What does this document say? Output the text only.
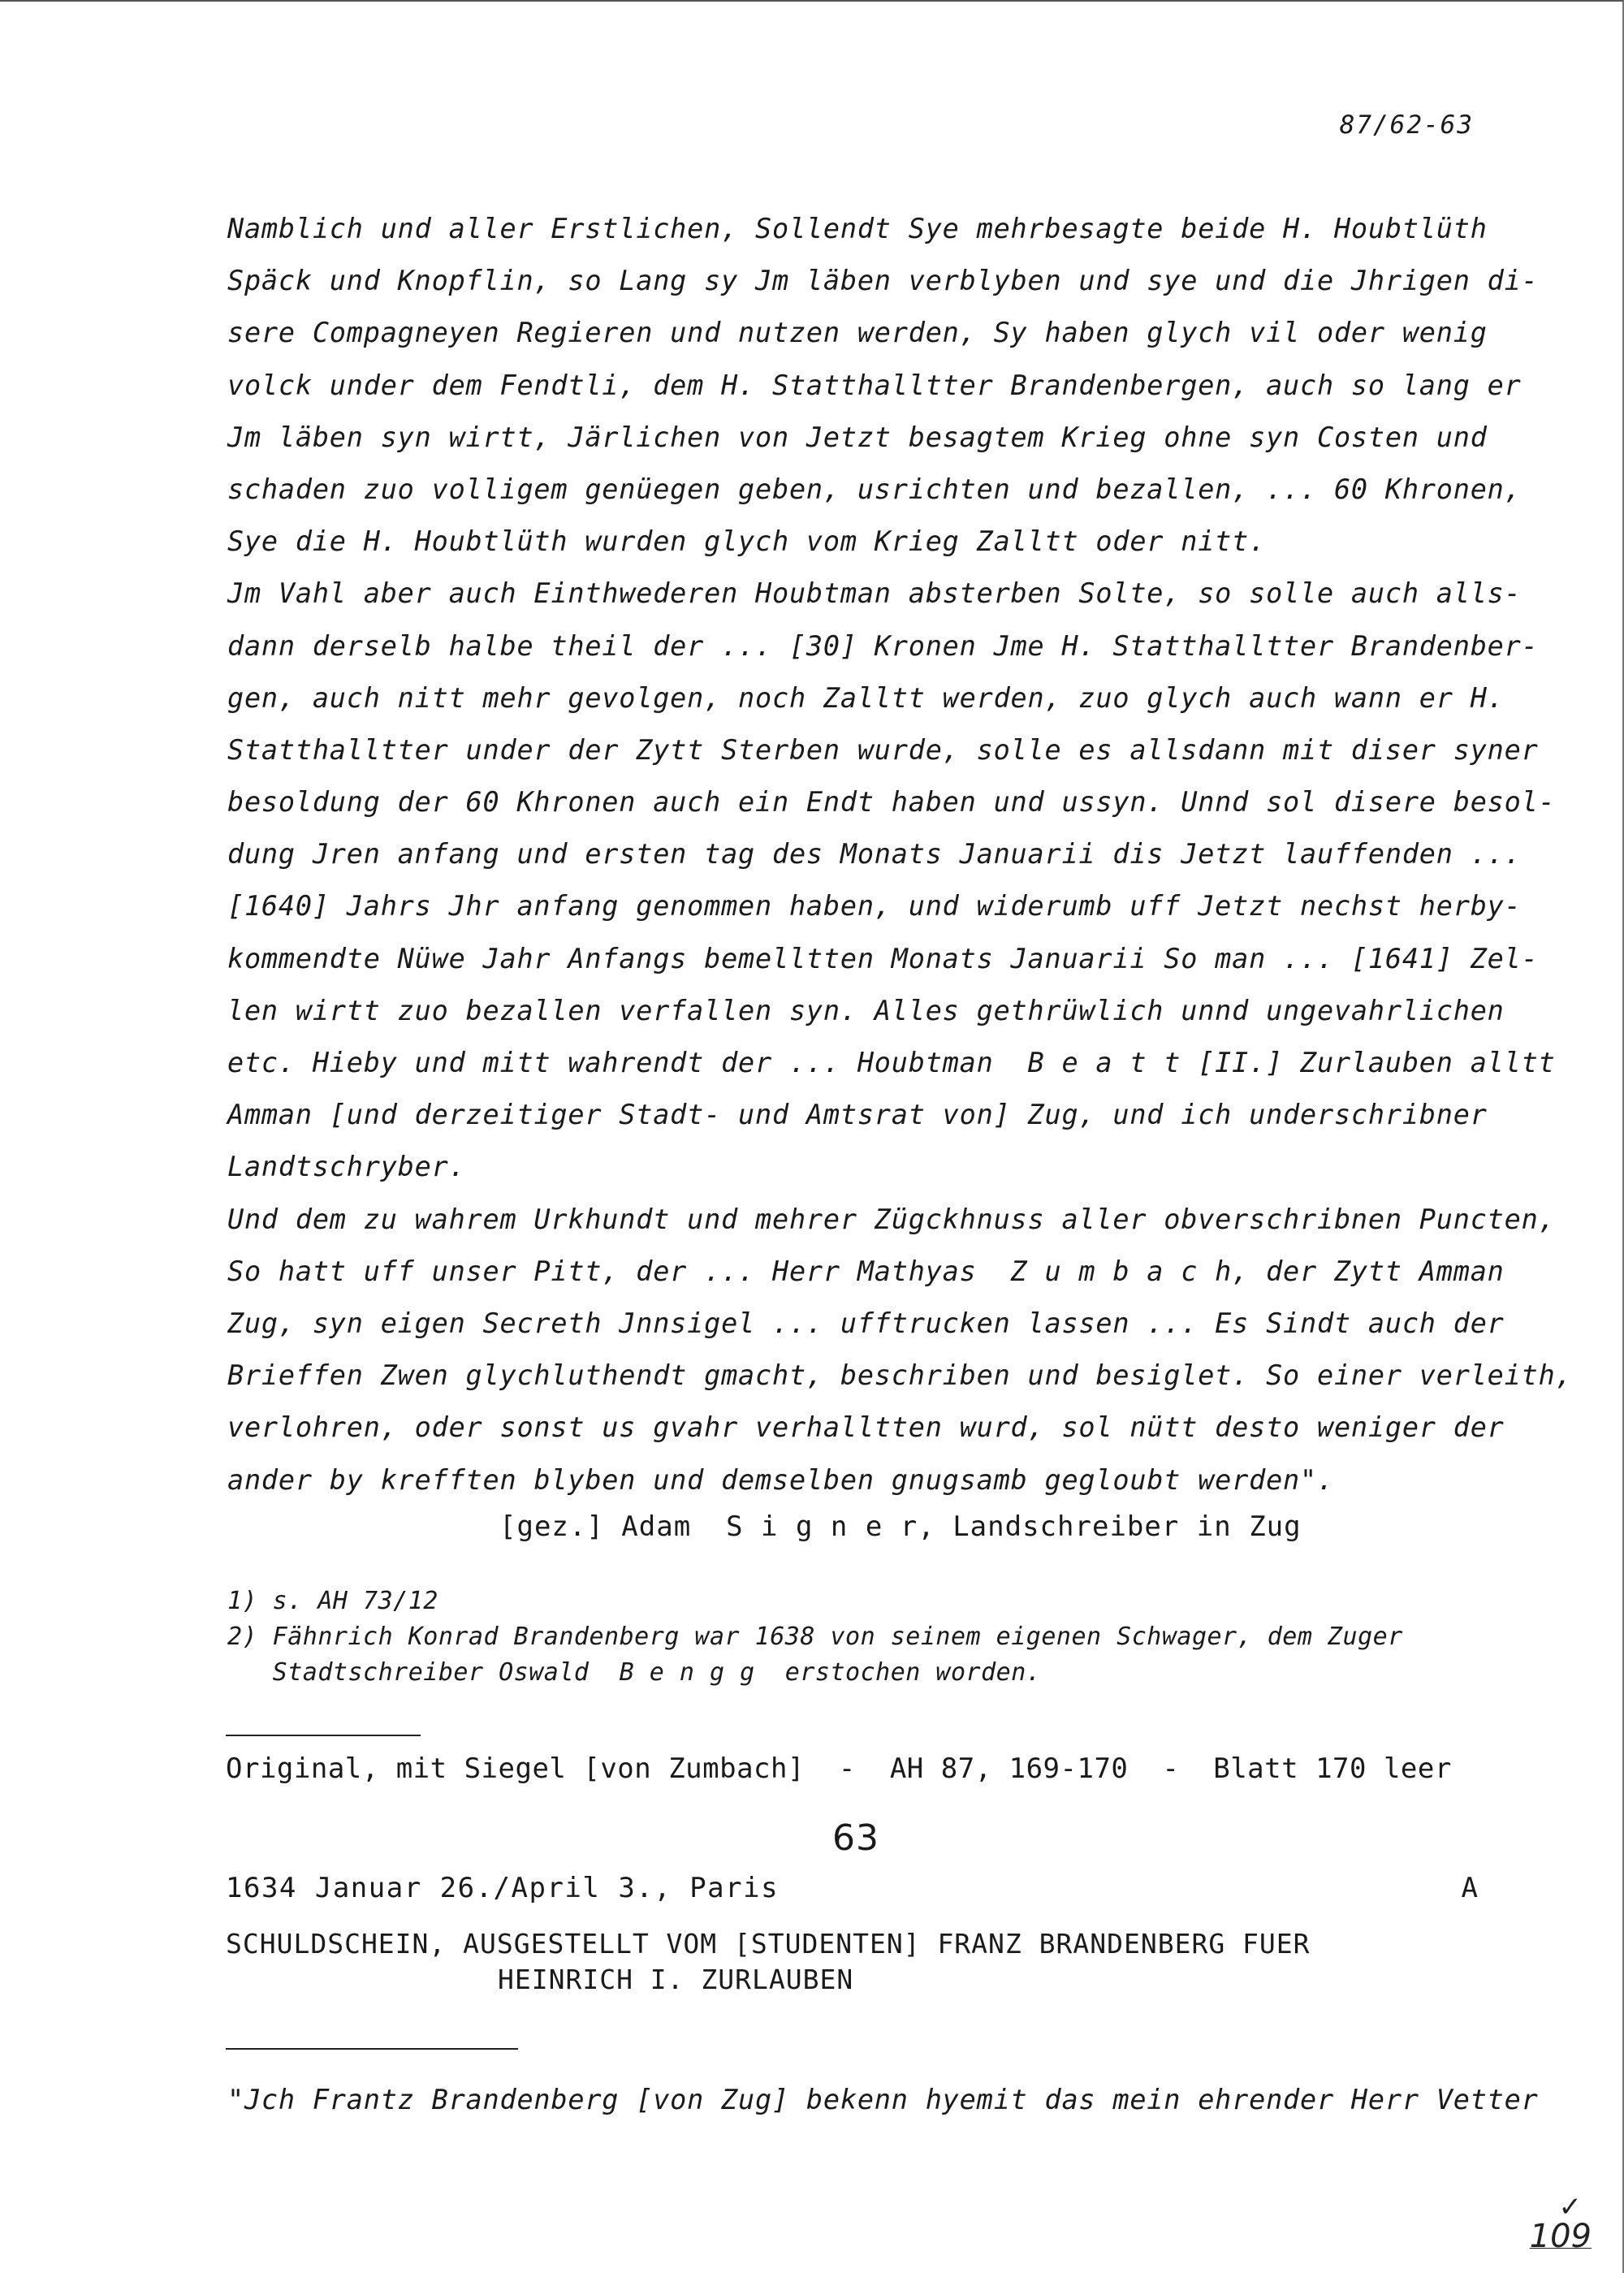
87/62-63
Namblich und aller Erstlichen, Sollendt Sye mehrbesagte beide H. Houbtlüth
Späck und Knopflin, so Lang sy Jm läben verblyben und sye und die Jhrigen di-
sere Compagneyen Regieren und nutzen werden, Sy haben glych vil oder wenig
volck under dem Fendtli, dem H. Statthalltter Brandenbergen, auch so lang er
Jm läben syn wirtt, Järlichen von Jetzt besagtem Krieg ohne syn Costen und
schaden zuo volligem genüegen geben, usrichten und bezallen, ... 60 Khronen,
Sye die H. Houbtlüth wurden glych vom Krieg Zalltt oder nitt.
Jm Vahl aber auch Einthwederen Houbtman absterben Solte, so solle auch alls-
dann derselb halbe theil der ... [30] Kronen Jme H. Statthalltter Brandenber-
gen, auch nitt mehr gevolgen, noch Zalltt werden, zuo glych auch wann er H.
Statthalltter under der Zytt Sterben wurde, solle es allsdann mit diser syner
besoldung der 60 Khronen auch ein Endt haben und ussyn. Unnd sol disere besol-
dung Jren anfang und ersten tag des Monats Januarii dis Jetzt lauffenden ...
[1640] Jahrs Jhr anfang genommen haben, und widerumb uff Jetzt nechst herby-
kommendte Nüwe Jahr Anfangs bemelltten Monats Januarii So man ... [1641] Zel-
len wirtt zuo bezallen verfallen syn. Alles gethrüwlich unnd ungevahrlichen
etc. Hieby und mitt wahrendt der ... Houbtman  B e a t t [II.] Zurlauben alltt
Amman [und derzeitiger Stadt- und Amtsrat von] Zug, und ich underschribner
Landtschryber.
Und dem zu wahrem Urkhundt und mehrer Zügckhnuss aller obverschribnen Puncten,
So hatt uff unser Pitt, der ... Herr Mathyas  Z u m b a c h, der Zytt Amman
Zug, syn eigen Secreth Jnnsigel ... ufftrucken lassen ... Es Sindt auch der
Brieffen Zwen glychluthendt gmacht, beschriben und besiglet. So einer verleith,
verlohren, oder sonst us gvahr verhalltten wurd, sol nütt desto weniger der
ander by krefften blyben und demselben gnugsamb gegloubt werden".
[gez.] Adam  S i g n e r, Landschreiber in Zug
1) s. AH 73/12
2) Fähnrich Konrad Brandenberg war 1638 von seinem eigenen Schwager, dem Zuger
Stadtschreiber Oswald  B e n g g  erstochen worden.
Original, mit Siegel [von Zumbach]  -  AH 87, 169-170  -  Blatt 170 leer
63
1634 Januar 26./April 3., Paris	A
SCHULDSCHEIN, AUSGESTELLT VOM [STUDENTEN] FRANZ BRANDENBERG FUER
HEINRICH I. ZURLAUBEN
"Jch Frantz Brandenberg [von Zug] bekenn hyemit das mein ehrender Herr Vetter
✓
109
